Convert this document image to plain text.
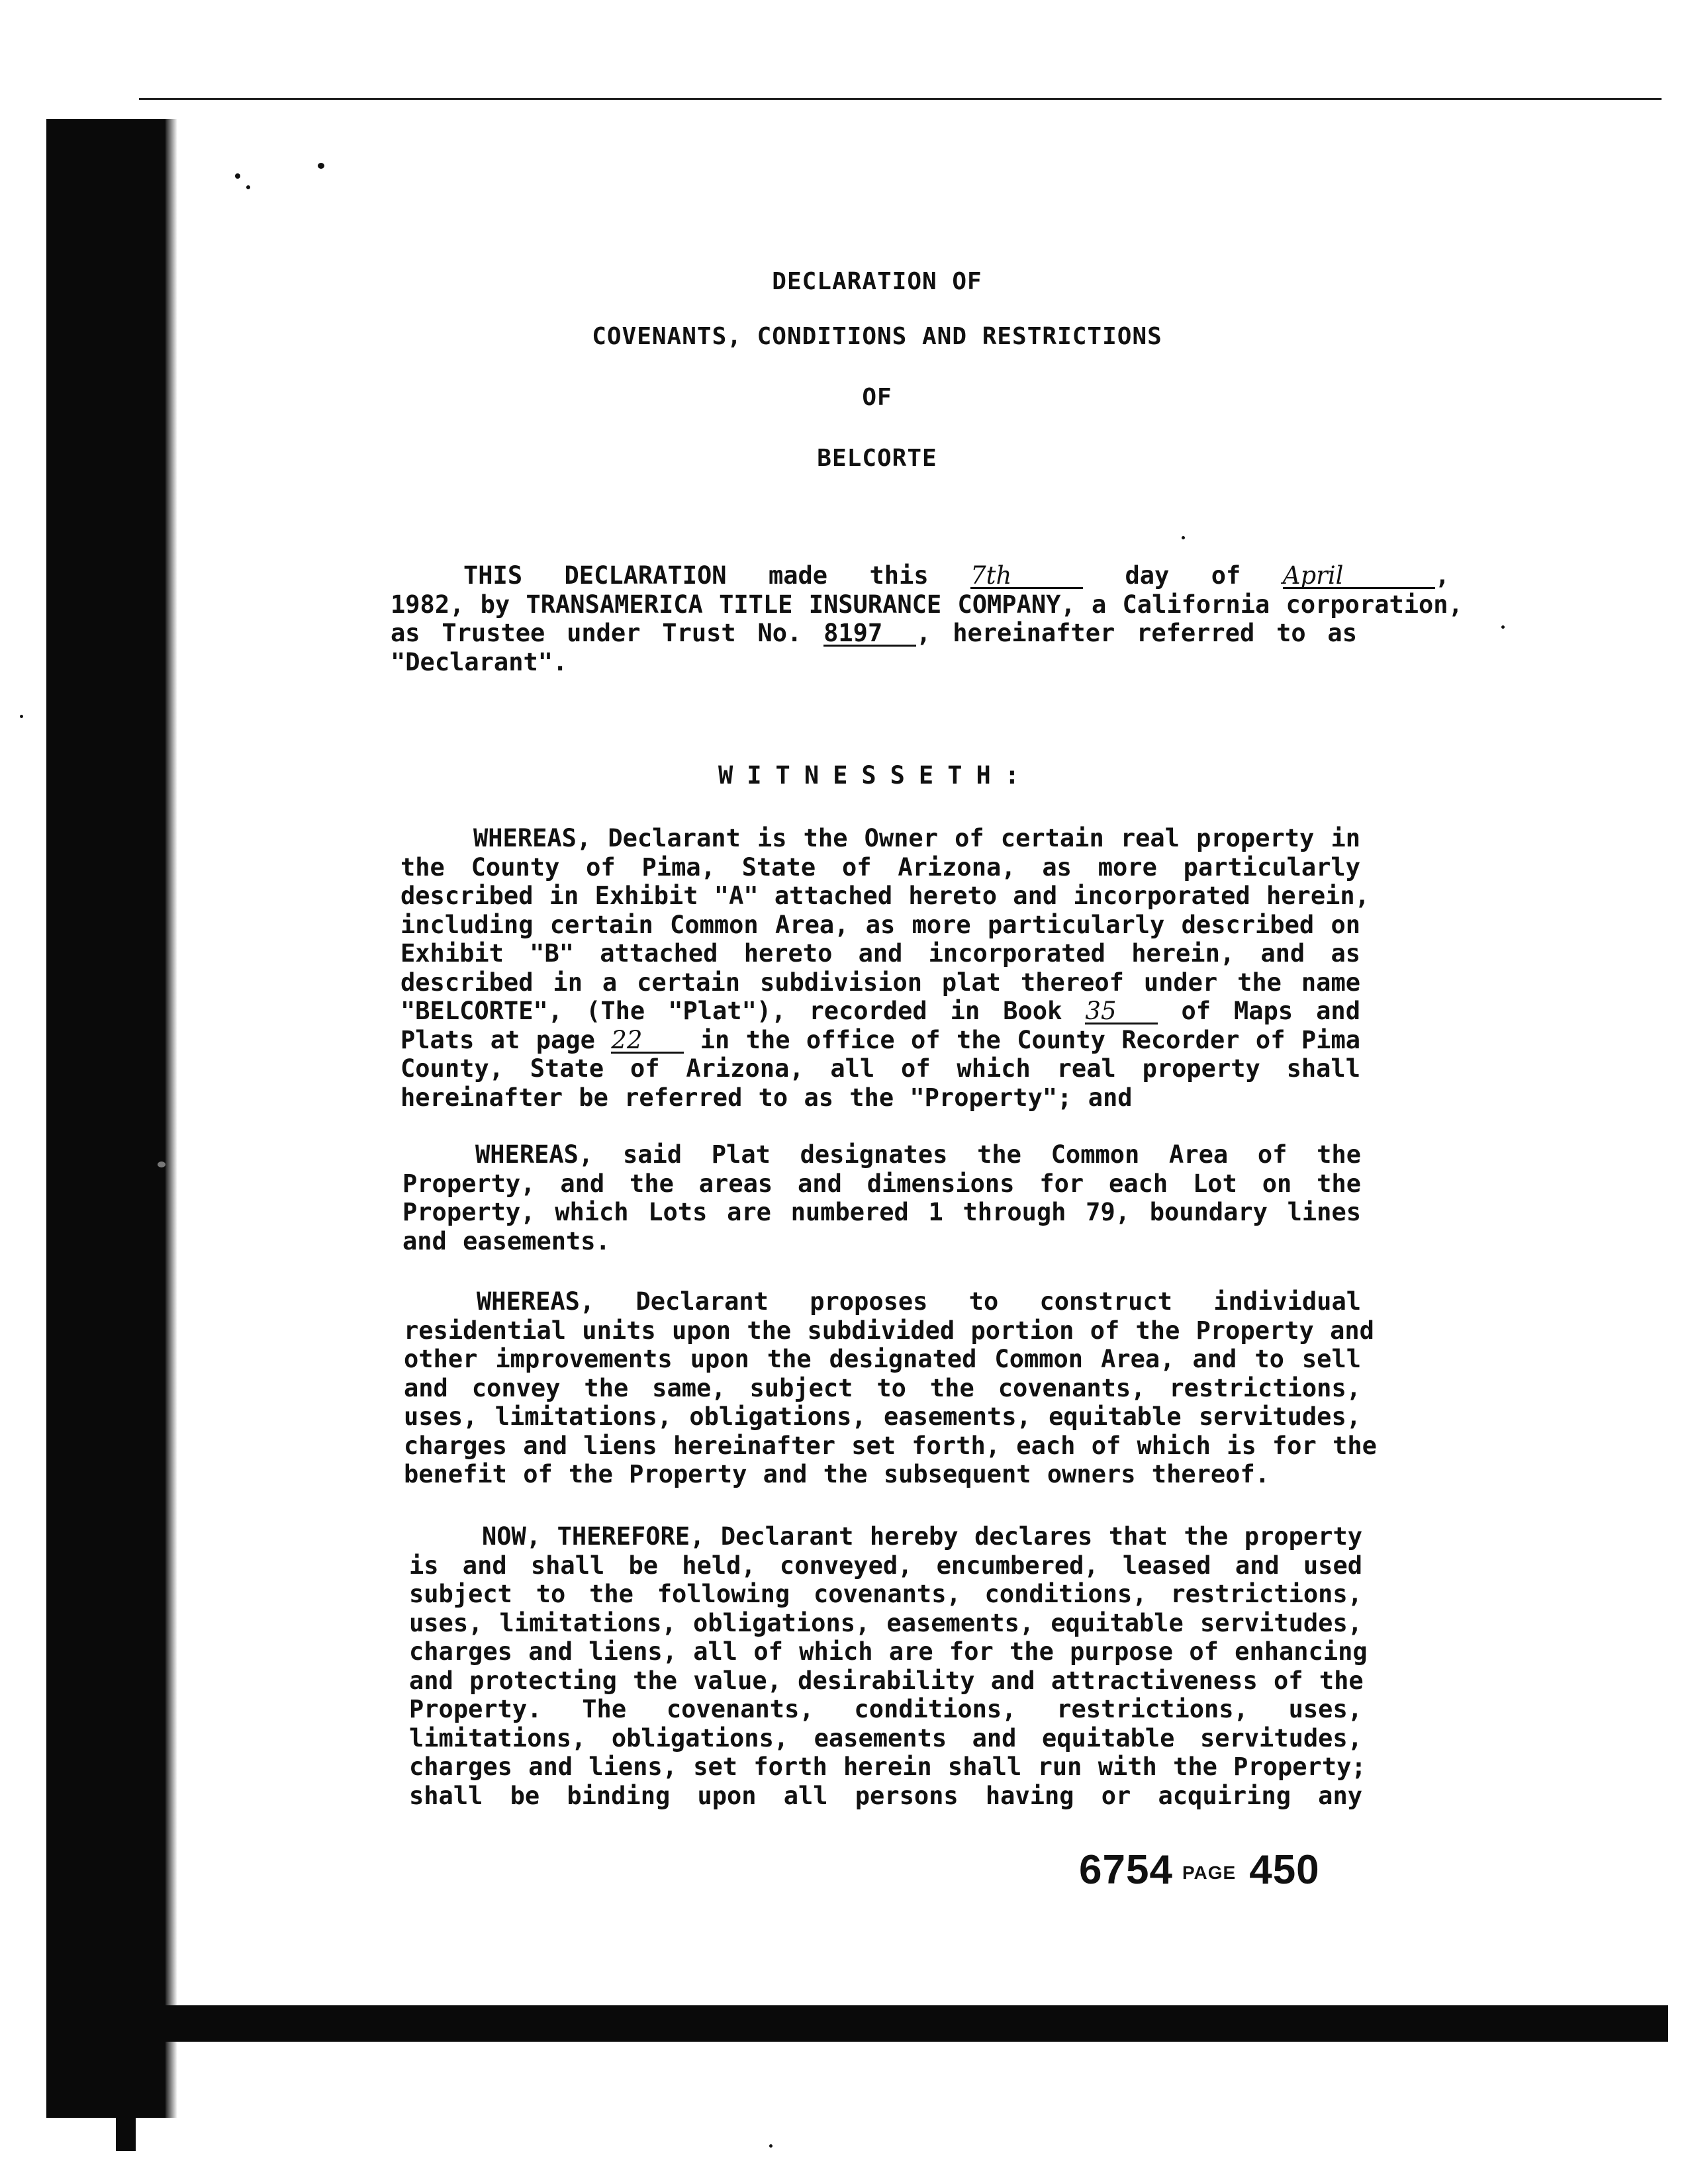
DECLARATION OF
COVENANTS, CONDITIONS AND RESTRICTIONS
OF
BELCORTE
THIS DECLARATION made this 7th	day of April	,
1982, by TRANSAMERICA TITLE INSURANCE COMPANY, a California corporation,
as Trustee under Trust No. 8197 , hereinafter referred to as
"Declarant".
WITNESSETH:
WHEREAS, Declarant is the Owner of certain real property in
the County of Pima, State of Arizona, as more particularly
described in Exhibit "A" attached hereto and incorporated herein,
including certain Common Area, as more particularly described on
Exhibit "B" attached hereto and incorporated herein, and as
described in a certain subdivision plat thereof under the name
"BELCORTE", (The "Plat"), recorded in Book 35	of Maps and
Plats at page 22 in the office of the County Recorder of Pima
County, State of Arizona, all of which real property shall
hereinafter be referred to as the "Property"; and
WHEREAS, said Plat designates the Common Area of the
Property, and the areas and dimensions for each Lot on the
Property, which Lots are numbered 1 through 79, boundary lines
and easements.
WHEREAS, Declarant proposes to construct individual
residential units upon the subdivided portion of the Property and
other improvements upon the designated Common Area, and to sell
and convey the same, subject to the covenants, restrictions,
uses, limitations, obligations, easements, equitable servitudes,
charges and liens hereinafter set forth, each of which is for the
benefit of the Property and the subsequent owners thereof.
NOW, THEREFORE, Declarant hereby declares that the property
is and shall be held, conveyed, encumbered, leased and used
subject to the following covenants, conditions, restrictions,
uses, limitations, obligations, easements, equitable servitudes,
charges and liens, all of which are for the purpose of enhancing
and protecting the value, desirability and attractiveness of the
Property. The covenants, conditions, restrictions, uses,
limitations, obligations, easements and equitable servitudes,
charges and liens, set forth herein shall run with the Property;
shall be binding upon all persons having or acquiring any
6754 PAGE 450
